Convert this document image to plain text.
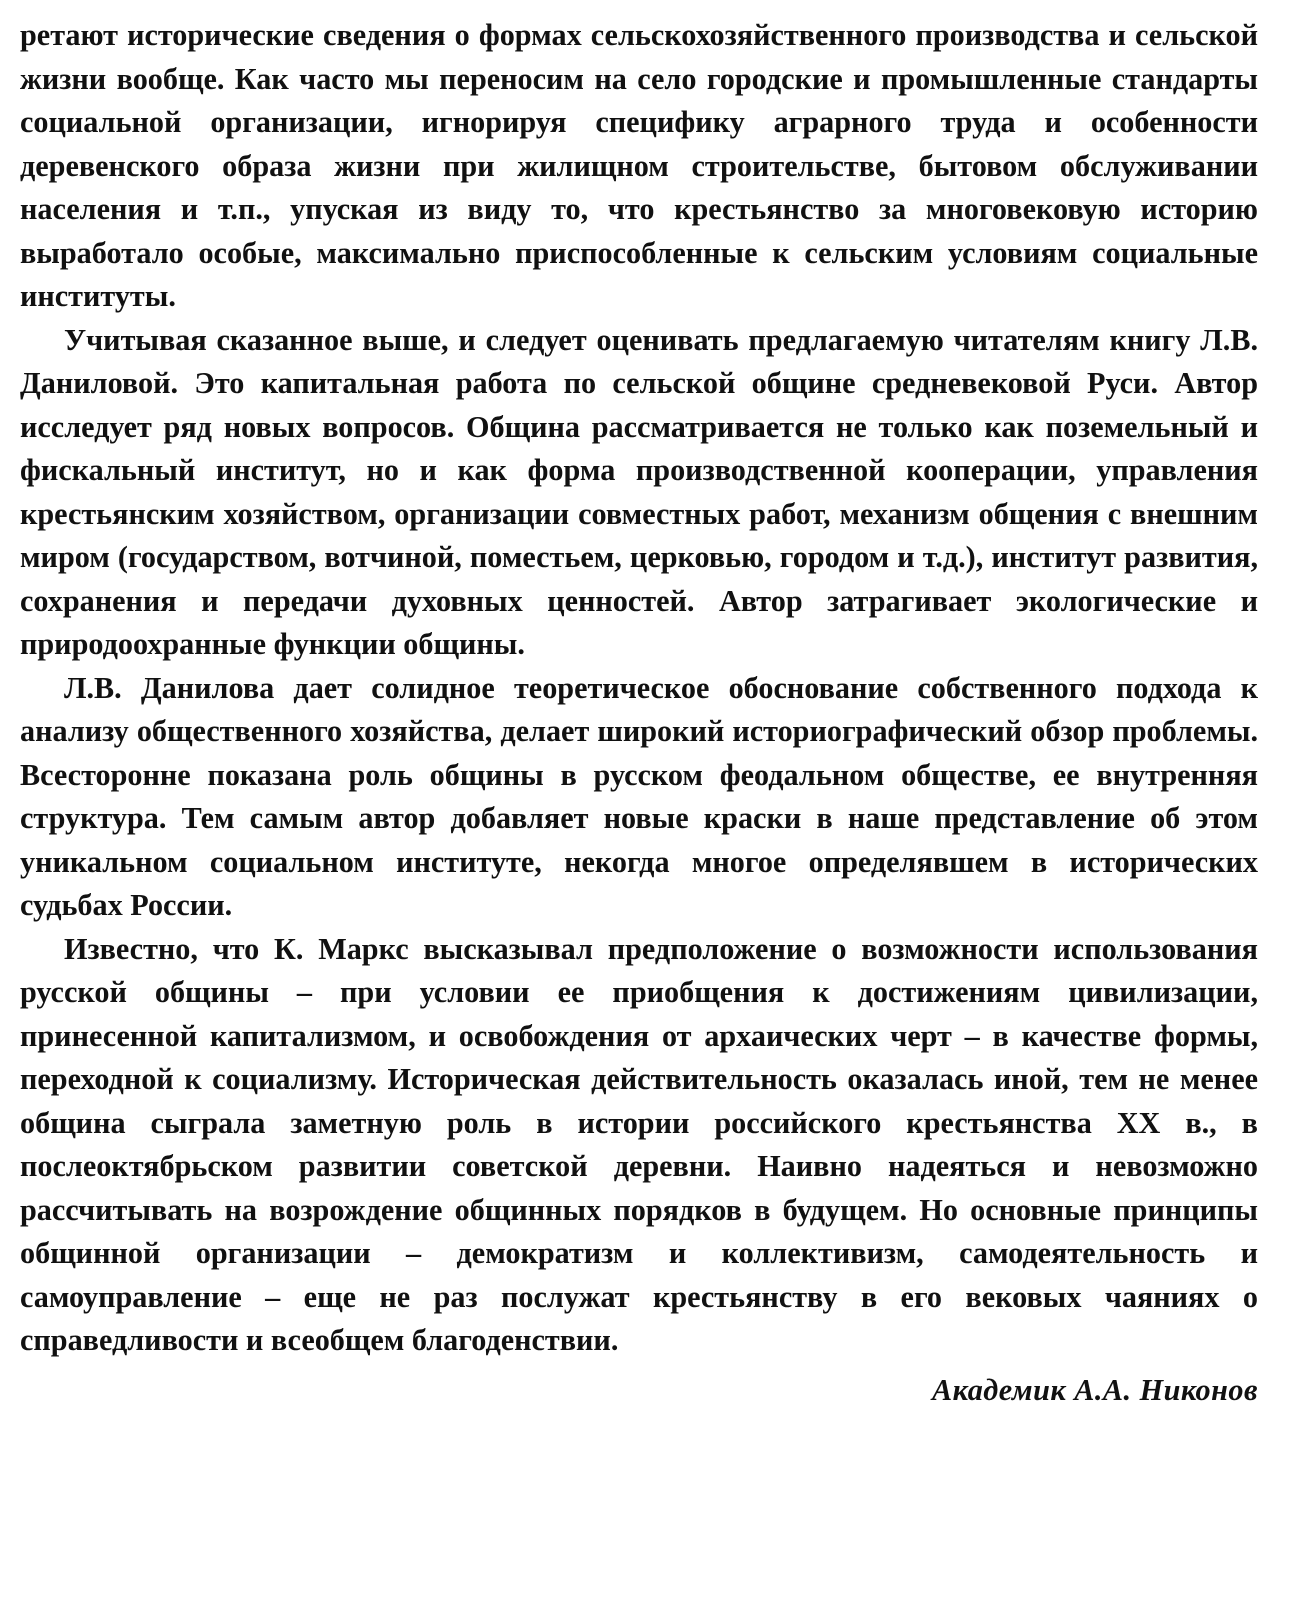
ретают исторические сведения о формах сельскохозяйственного производства и сельской жизни вообще. Как часто мы переносим на село городские и промышленные стандарты социальной организации, игнорируя специфику аграрного труда и особенности деревенского образа жизни при жилищном строительстве, бытовом обслуживании населения и т.п., упуская из виду то, что крестьянство за многовековую историю выработало особые, максимально приспособленные к сельским условиям социальные институты.

Учитывая сказанное выше, и следует оценивать предлагаемую читателям книгу Л.В. Даниловой. Это капитальная работа по сельской общине средневековой Руси. Автор исследует ряд новых вопросов. Община рассматривается не только как поземельный и фискальный институт, но и как форма производственной кооперации, управления крестьянским хозяйством, организации совместных работ, механизм общения с внешним миром (государством, вотчиной, поместьем, церковью, городом и т.д.), институт развития, сохранения и передачи духовных ценностей. Автор затрагивает экологические и природоохранные функции общины.

Л.В. Данилова дает солидное теоретическое обоснование собственного подхода к анализу общественного хозяйства, делает широкий историографический обзор проблемы. Всесторонне показана роль общины в русском феодальном обществе, ее внутренняя структура. Тем самым автор добавляет новые краски в наше представление об этом уникальном социальном институте, некогда многое определявшем в исторических судьбах России.

Известно, что К. Маркс высказывал предположение о возможности использования русской общины – при условии ее приобщения к достижениям цивилизации, принесенной капитализмом, и освобождения от архаических черт – в качестве формы, переходной к социализму. Историческая действительность оказалась иной, тем не менее община сыграла заметную роль в истории российского крестьянства XX в., в послеоктябрьском развитии советской деревни. Наивно надеяться и невозможно рассчитывать на возрождение общинных порядков в будущем. Но основные принципы общинной организации – демократизм и коллективизм, самодеятельность и самоуправление – еще не раз послужат крестьянству в его вековых чаяниях о справедливости и всеобщем благоденствии.

Академик А.А. Никонов
